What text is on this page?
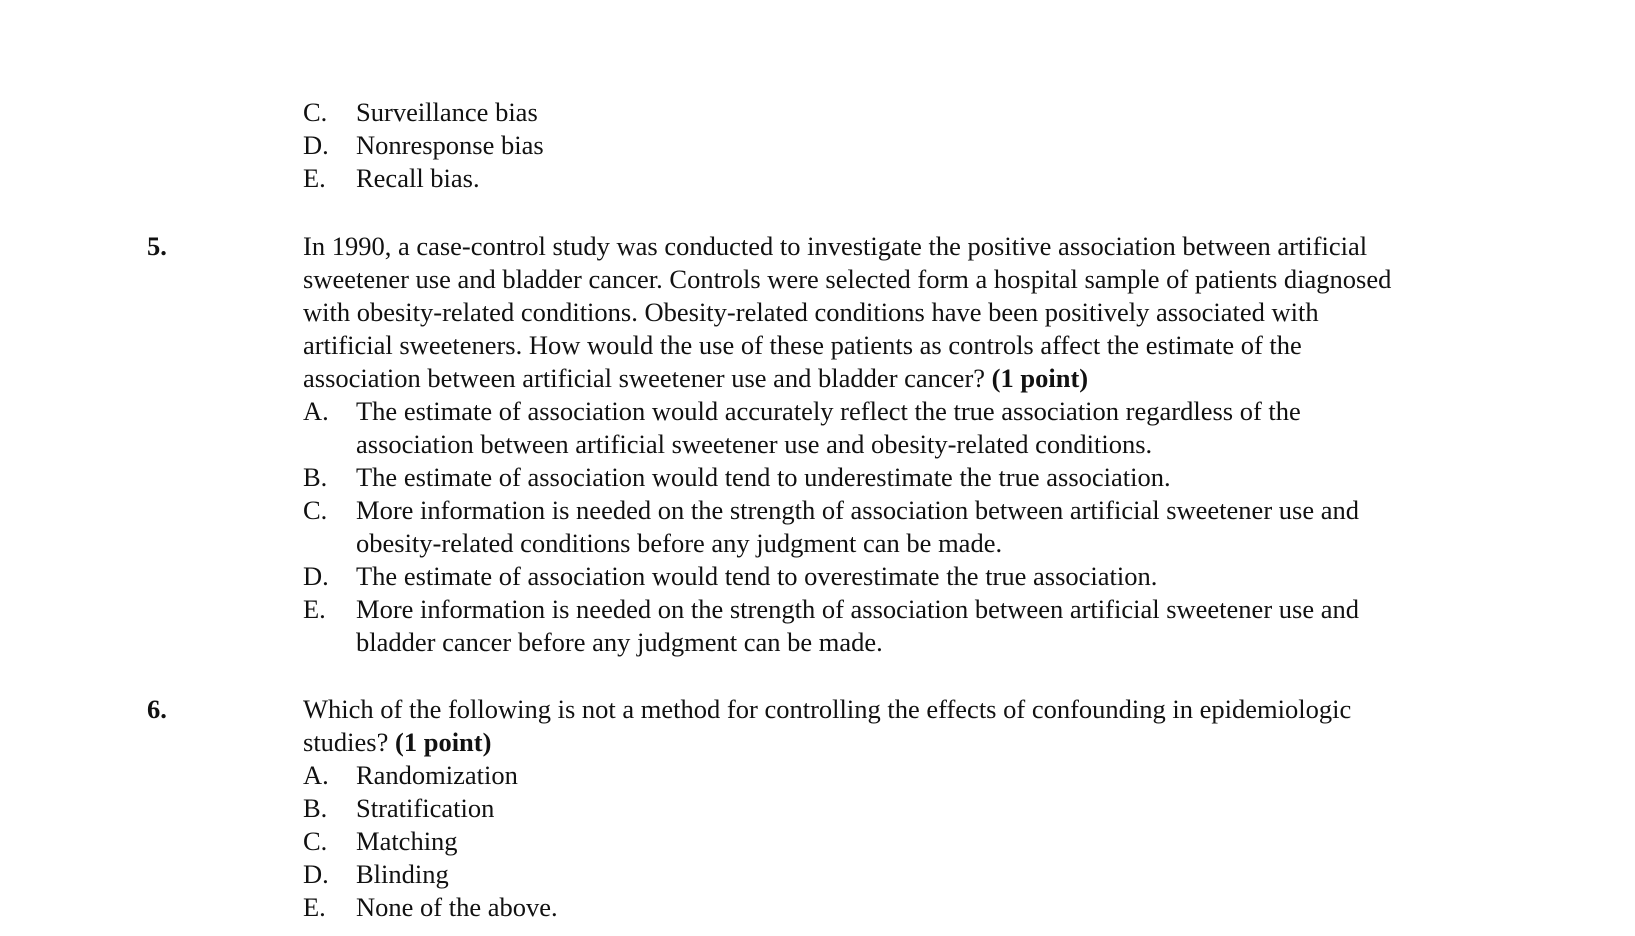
C. Surveillance bias
D. Nonresponse bias
E. Recall bias.
5.	In 1990, a case-control study was conducted to investigate the positive association between artificial
sweetener use and bladder cancer. Controls were selected form a hospital sample of patients diagnosed
with obesity-related conditions. Obesity-related conditions have been positively associated with
artificial sweeteners. How would the use of these patients as controls affect the estimate of the
association between artificial sweetener use and bladder cancer? (1 point)
A. The estimate of association would accurately reflect the true association regardless of the
association between artificial sweetener use and obesity-related conditions.
B. The estimate of association would tend to underestimate the true association.
C. More information is needed on the strength of association between artificial sweetener use and
obesity-related conditions before any judgment can be made.
D. The estimate of association would tend to overestimate the true association.
E. More information is needed on the strength of association between artificial sweetener use and
bladder cancer before any judgment can be made.
6.	Which of the following is not a method for controlling the effects of confounding in epidemiologic
studies? (1 point)
A. Randomization
B. Stratification
C. Matching
D. Blinding
E. None of the above.
